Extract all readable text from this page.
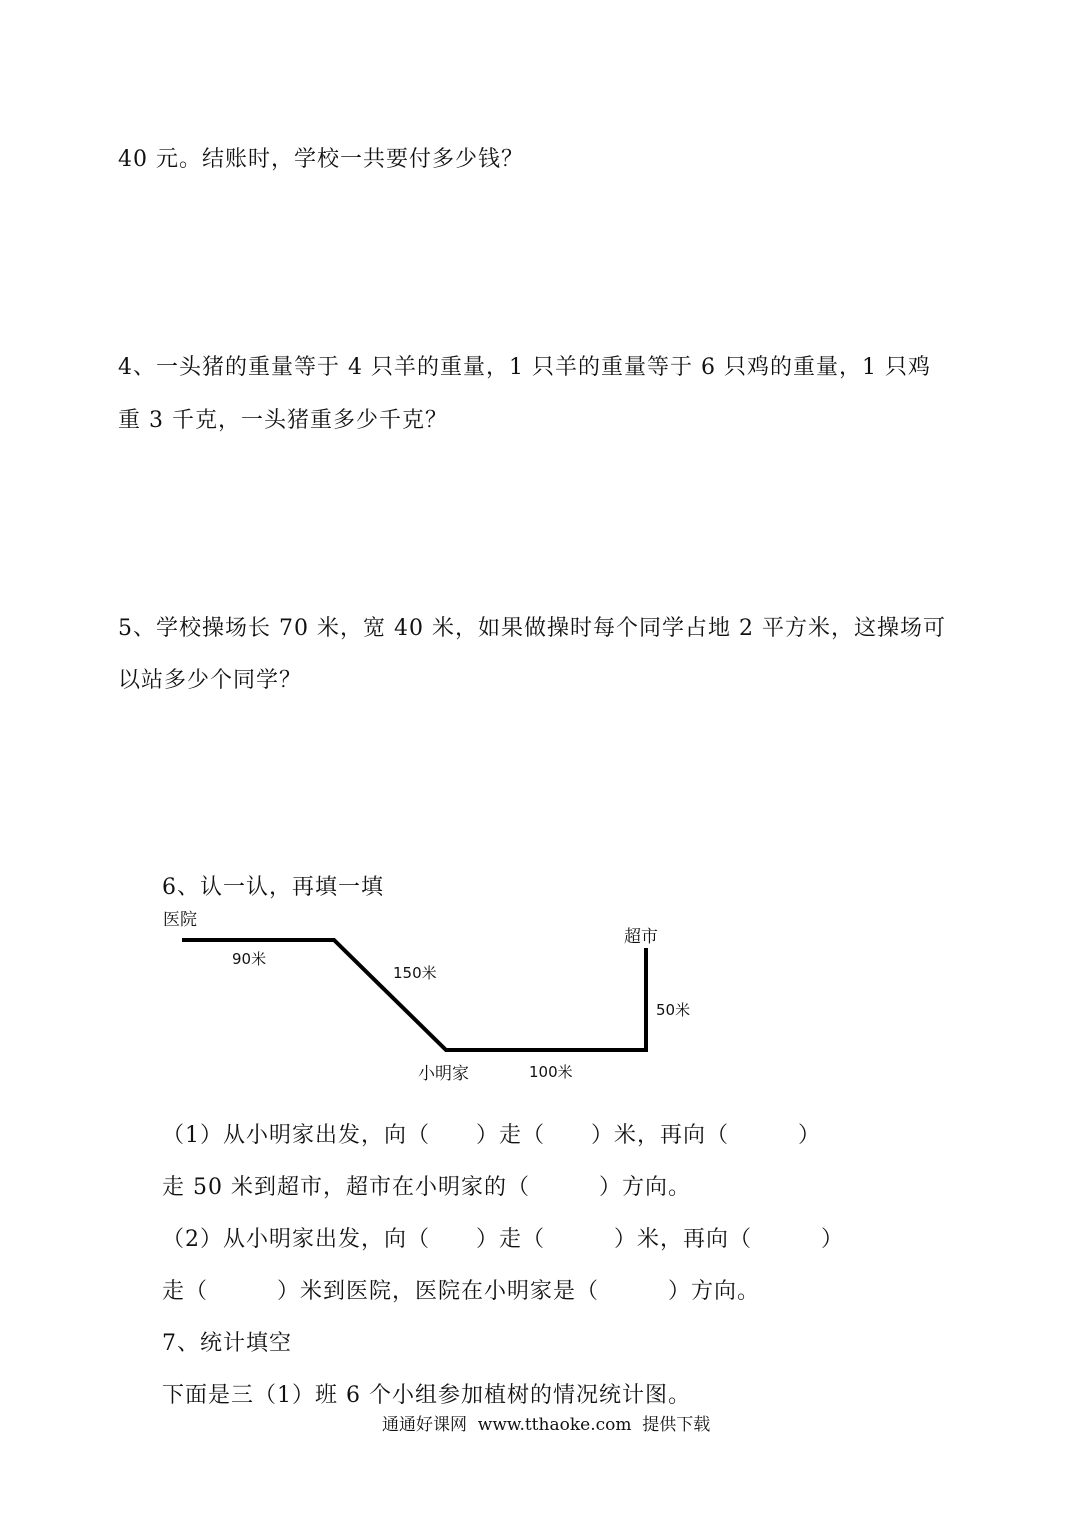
40 元。结账时，学校一共要付多少钱？
4、一头猪的重量等于 4 只羊的重量，1 只羊的重量等于 6 只鸡的重量，1 只鸡
重 3 千克，一头猪重多少千克？
5、学校操场长 70 米，宽 40 米，如果做操时每个同学占地 2 平方米，这操场可
以站多少个同学？
6、认一认，再填一填
医院
超市
小明家
90米
150米
100米
50米
（1）从小明家出发，向（　　）走（　　）米，再向（　　　）
走 50 米到超市，超市在小明家的（　　　）方向。
（2）从小明家出发，向（　　）走（　　　）米，再向（　　　）
走（　　　）米到医院，医院在小明家是（　　　）方向。
7、统计填空
下面是三（1）班 6 个小组参加植树的情况统计图。
通通好课网  www.tthaoke.com  提供下载
